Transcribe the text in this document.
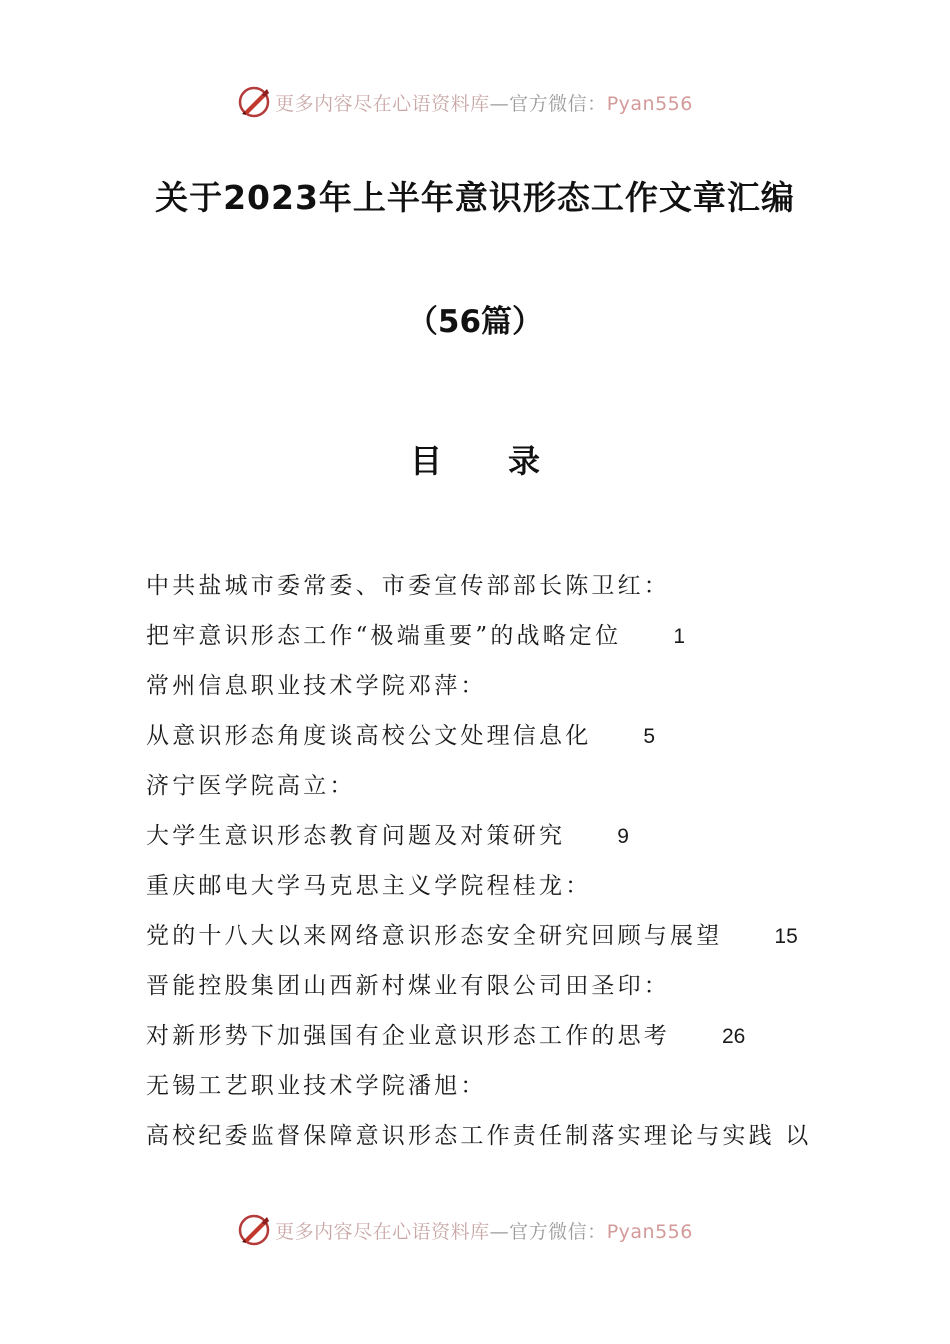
更多内容尽在心语资料库—官方微信：Pyan556
关于2023年上半年意识形态工作文章汇编
（56篇）
目 录
中共盐城市委常委、市委宣传部部长陈卫红：
把牢意识形态工作“极端重要”的战略定位 1
常州信息职业技术学院邓萍：
从意识形态角度谈高校公文处理信息化 5
济宁医学院高立：
大学生意识形态教育问题及对策研究 9
重庆邮电大学马克思主义学院程桂龙：
党的十八大以来网络意识形态安全研究回顾与展望 15
晋能控股集团山西新村煤业有限公司田圣印：
对新形势下加强国有企业意识形态工作的思考 26
无锡工艺职业技术学院潘旭：
高校纪委监督保障意识形态工作责任制落实理论与实践 以
更多内容尽在心语资料库—官方微信：Pyan556
